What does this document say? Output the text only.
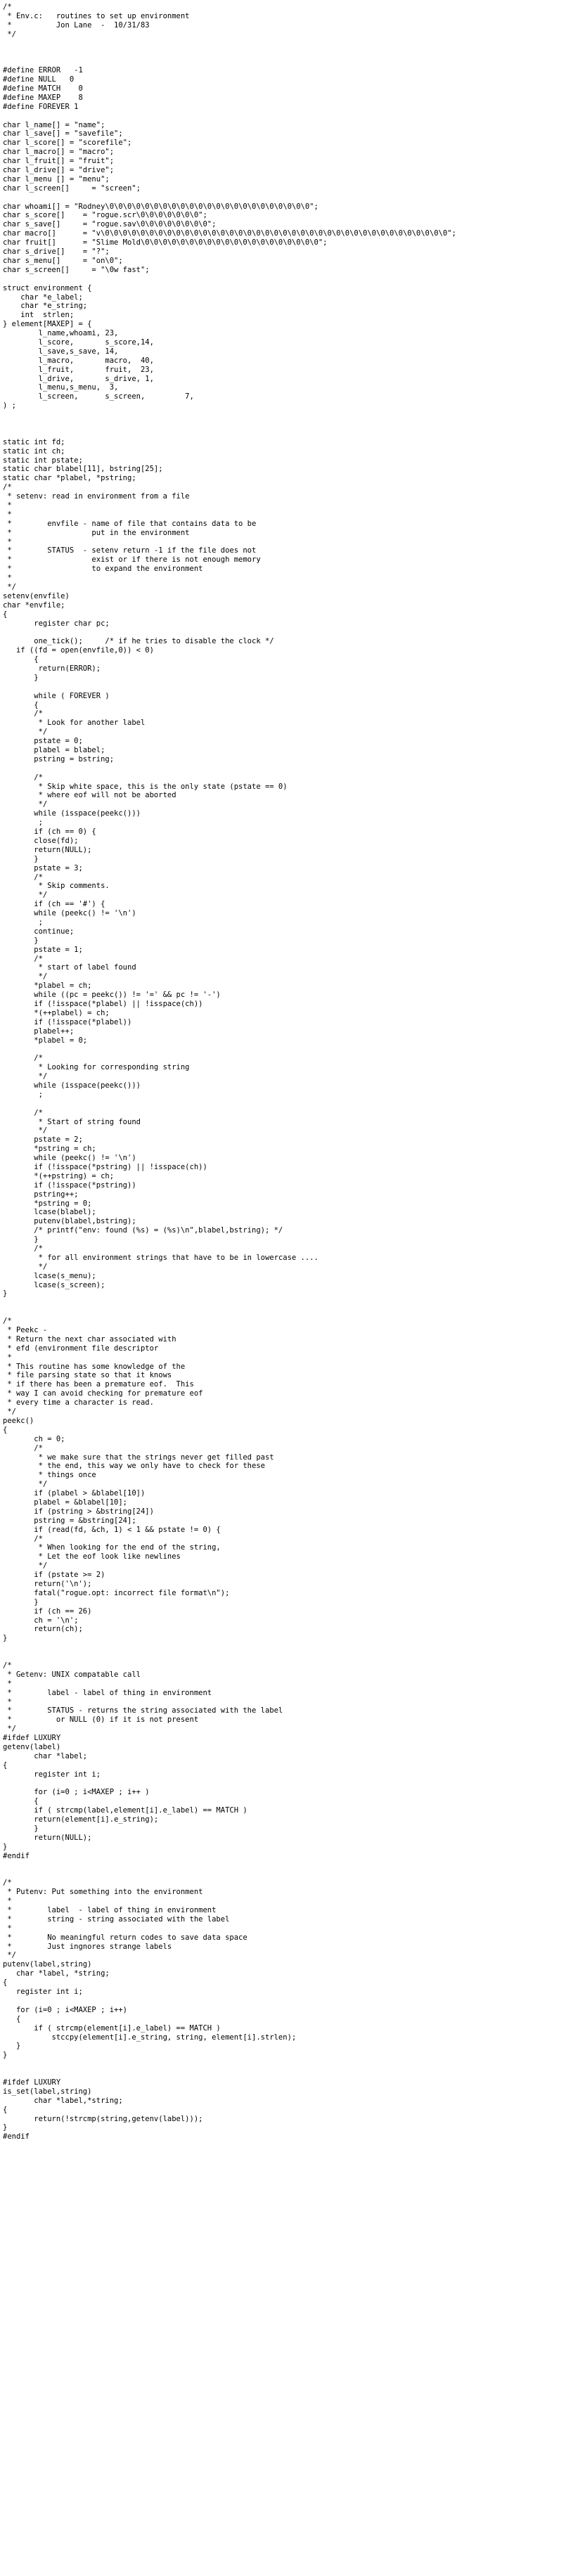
/*
* Env.c:   routines to set up environment
*          Jon Lane  -  10/31/83
*/
#define ERROR   -1
#define NULL   0
#define MATCH    0
#define MAXEP    8
#define FOREVER 1
char l_name[] = "name";
char l_save[] = "savefile";
char l_score[] = "scorefile";
char l_macro[] = "macro";
char l_fruit[] = "fruit";
char l_drive[] = "drive";
char l_menu [] = "menu";
char l_screen[]     = "screen";
char whoami[] = "Rodney\0\0\0\0\0\0\0\0\0\0\0\0\0\0\0\0\0\0\0\0\0\0\0";
char s_score[]    = "rogue.scr\0\0\0\0\0\0\0";
char s_save[]     = "rogue.sav\0\0\0\0\0\0\0\0";
char macro[]      = "v\0\0\0\0\0\0\0\0\0\0\0\0\0\0\0\0\0\0\0\0\0\0\0\0\0\0\0\0\0\0\0\0\0\0\0\0\0\0\0";
char fruit[]      = "Slime Mold\0\0\0\0\0\0\0\0\0\0\0\0\0\0\0\0\0\0\0\0";
char s_drive[]    = "?";
char s_menu[]     = "on\0";
char s_screen[]     = "\0w fast";
struct environment {
char *e_label;
char *e_string;
int  strlen;
} element[MAXEP] = {
l_name,whoami, 23,
l_score,       s_score,14,
l_save,s_save, 14,
l_macro,       macro,  40,
l_fruit,       fruit,  23,
l_drive,       s_drive, 1,
l_menu,s_menu,  3,
l_screen,      s_screen,         7,
) ;
static int fd;
static int ch;
static int pstate;
static char blabel[11], bstring[25];
static char *plabel, *pstring;
/*
* setenv: read in environment from a file
*
*
*        envfile - name of file that contains data to be
*                  put in the environment
*
*        STATUS  - setenv return -1 if the file does not
*                  exist or if there is not enough memory
*                  to expand the environment
*
*/
setenv(envfile)
char *envfile;
{
register char pc;
one_tick();     /* if he tries to disable the clock */
if ((fd = open(envfile,0)) < 0)
{
return(ERROR);
}
while ( FOREVER )
{
/*
* Look for another label
*/
pstate = 0;
plabel = blabel;
pstring = bstring;
/*
* Skip white space, this is the only state (pstate == 0)
* where eof will not be aborted
*/
while (isspace(peekc()))
;
if (ch == 0) {
close(fd);
return(NULL);
}
pstate = 3;
/*
* Skip comments.
*/
if (ch == '#') {
while (peekc() != '\n')
;
continue;
}
pstate = 1;
/*
* start of label found
*/
*plabel = ch;
while ((pc = peekc()) != '=' && pc != '-')
if (!isspace(*plabel) || !isspace(ch))
*(++plabel) = ch;
if (!isspace(*plabel))
plabel++;
*plabel = 0;
/*
* Looking for corresponding string
*/
while (isspace(peekc()))
;
/*
* Start of string found
*/
pstate = 2;
*pstring = ch;
while (peekc() != '\n')
if (!isspace(*pstring) || !isspace(ch))
*(++pstring) = ch;
if (!isspace(*pstring))
pstring++;
*pstring = 0;
lcase(blabel);
putenv(blabel,bstring);
/* printf("env: found (%s) = (%s)\n",blabel,bstring); */
}
/*
* for all environment strings that have to be in lowercase ....
*/
lcase(s_menu);
lcase(s_screen);
}
/*
* Peekc -
* Return the next char associated with
* efd (environment file descriptor
*
* This routine has some knowledge of the
* file parsing state so that it knows
* if there has been a premature eof.  This
* way I can avoid checking for premature eof
* every time a character is read.
*/
peekc()
{
ch = 0;
/*
* we make sure that the strings never get filled past
* the end, this way we only have to check for these
* things once
*/
if (plabel > &blabel[10])
plabel = &blabel[10];
if (pstring > &bstring[24])
pstring = &bstring[24];
if (read(fd, &ch, 1) < 1 && pstate != 0) {
/*
* When looking for the end of the string,
* Let the eof look like newlines
*/
if (pstate >= 2)
return('\n');
fatal("rogue.opt: incorrect file format\n");
}
if (ch == 26)
ch = '\n';
return(ch);
}
/*
* Getenv: UNIX compatable call
*
*        label - label of thing in environment
*
*        STATUS - returns the string associated with the label
*          or NULL (0) if it is not present
*/
#ifdef LUXURY
getenv(label)
char *label;
{
register int i;
for (i=0 ; i<MAXEP ; i++ )
{
if ( strcmp(label,element[i].e_label) == MATCH )
return(element[i].e_string);
}
return(NULL);
}
#endif
/*
* Putenv: Put something into the environment
*
*        label  - label of thing in environment
*        string - string associated with the label
*
*        No meaningful return codes to save data space
*        Just ingnores strange labels
*/
putenv(label,string)
char *label, *string;
{
register int i;
for (i=0 ; i<MAXEP ; i++)
{
if ( strcmp(element[i].e_label) == MATCH )
stccpy(element[i].e_string, string, element[i].strlen);
}
}
#ifdef LUXURY
is_set(label,string)
char *label,*string;
{
return(!strcmp(string,getenv(label)));
}
#endif
